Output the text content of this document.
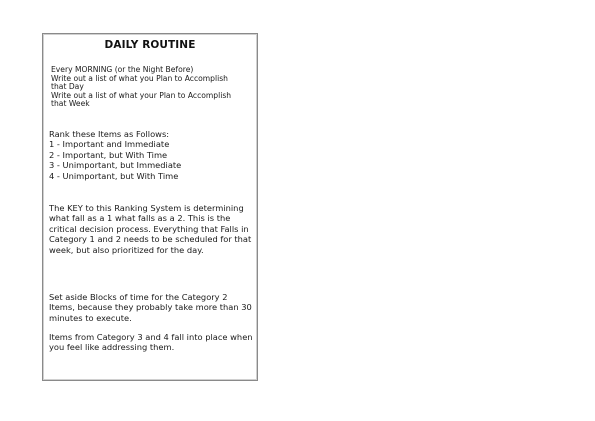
DAILY ROUTINE
Every MORNING (or the Night Before)
Write out a list of what you Plan to Accomplish
that Day
Write out a list of what your Plan to Accomplish
that Week
Rank these Items as Follows:
1 - Important and Immediate
2 - Important, but With Time
3 - Unimportant, but Immediate
4 - Unimportant, but With Time
The KEY to this Ranking System is determining what fall as a 1 what falls as a 2. This is the critical decision process. Everything that Falls in Category 1 and 2 needs to be scheduled for that week, but also prioritized for the day.
Set aside Blocks of time for the Category 2 Items, because they probably take more than 30 minutes to execute.
Items from Category 3 and 4 fall into place when you feel like addressing them.
